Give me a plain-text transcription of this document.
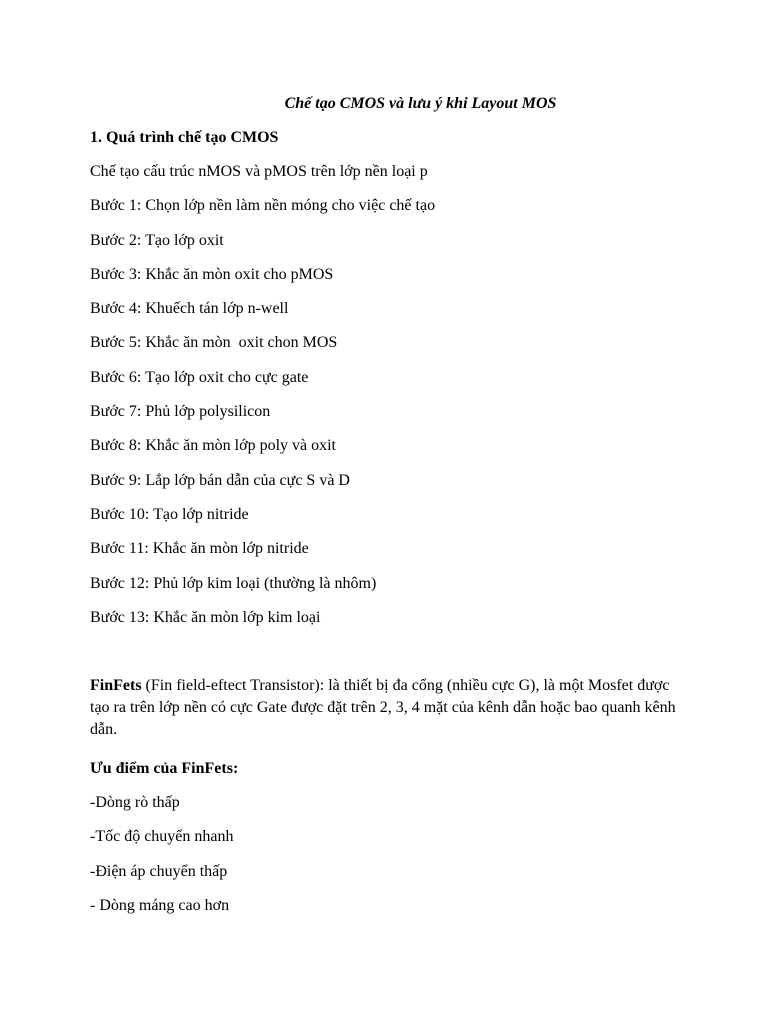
Chế tạo CMOS và lưu ý khi Layout MOS

1. Quá trình chế tạo CMOS

Chế tạo cấu trúc nMOS và pMOS trên lớp nền loại p
Bước 1: Chọn lớp nền làm nền móng cho việc chế tạo
Bước 2: Tạo lớp oxit
Bước 3: Khắc ăn mòn oxit cho pMOS
Bước 4: Khuếch tán lớp n-well
Bước 5: Khắc ăn mòn  oxit chon MOS
Bước 6: Tạo lớp oxit cho cực gate
Bước 7: Phủ lớp polysilicon
Bước 8: Khắc ăn mòn lớp poly và oxit
Bước 9: Lắp lớp bán dẫn của cực S và D
Bước 10: Tạo lớp nitride
Bước 11: Khắc ăn mòn lớp nitride
Bước 12: Phủ lớp kim loại (thường là nhôm)
Bước 13: Khắc ăn mòn lớp kim loại

FinFets (Fin field-eftect Transistor): là thiết bị đa cổng (nhiều cực G), là một Mosfet được tạo ra trên lớp nền có cực Gate được đặt trên 2, 3, 4 mặt của kênh dẫn hoặc bao quanh kênh dẫn.

Ưu điểm của FinFets:

-Dòng rò thấp
-Tốc độ chuyển nhanh
-Điện áp chuyển thấp
- Dòng máng cao hơn
